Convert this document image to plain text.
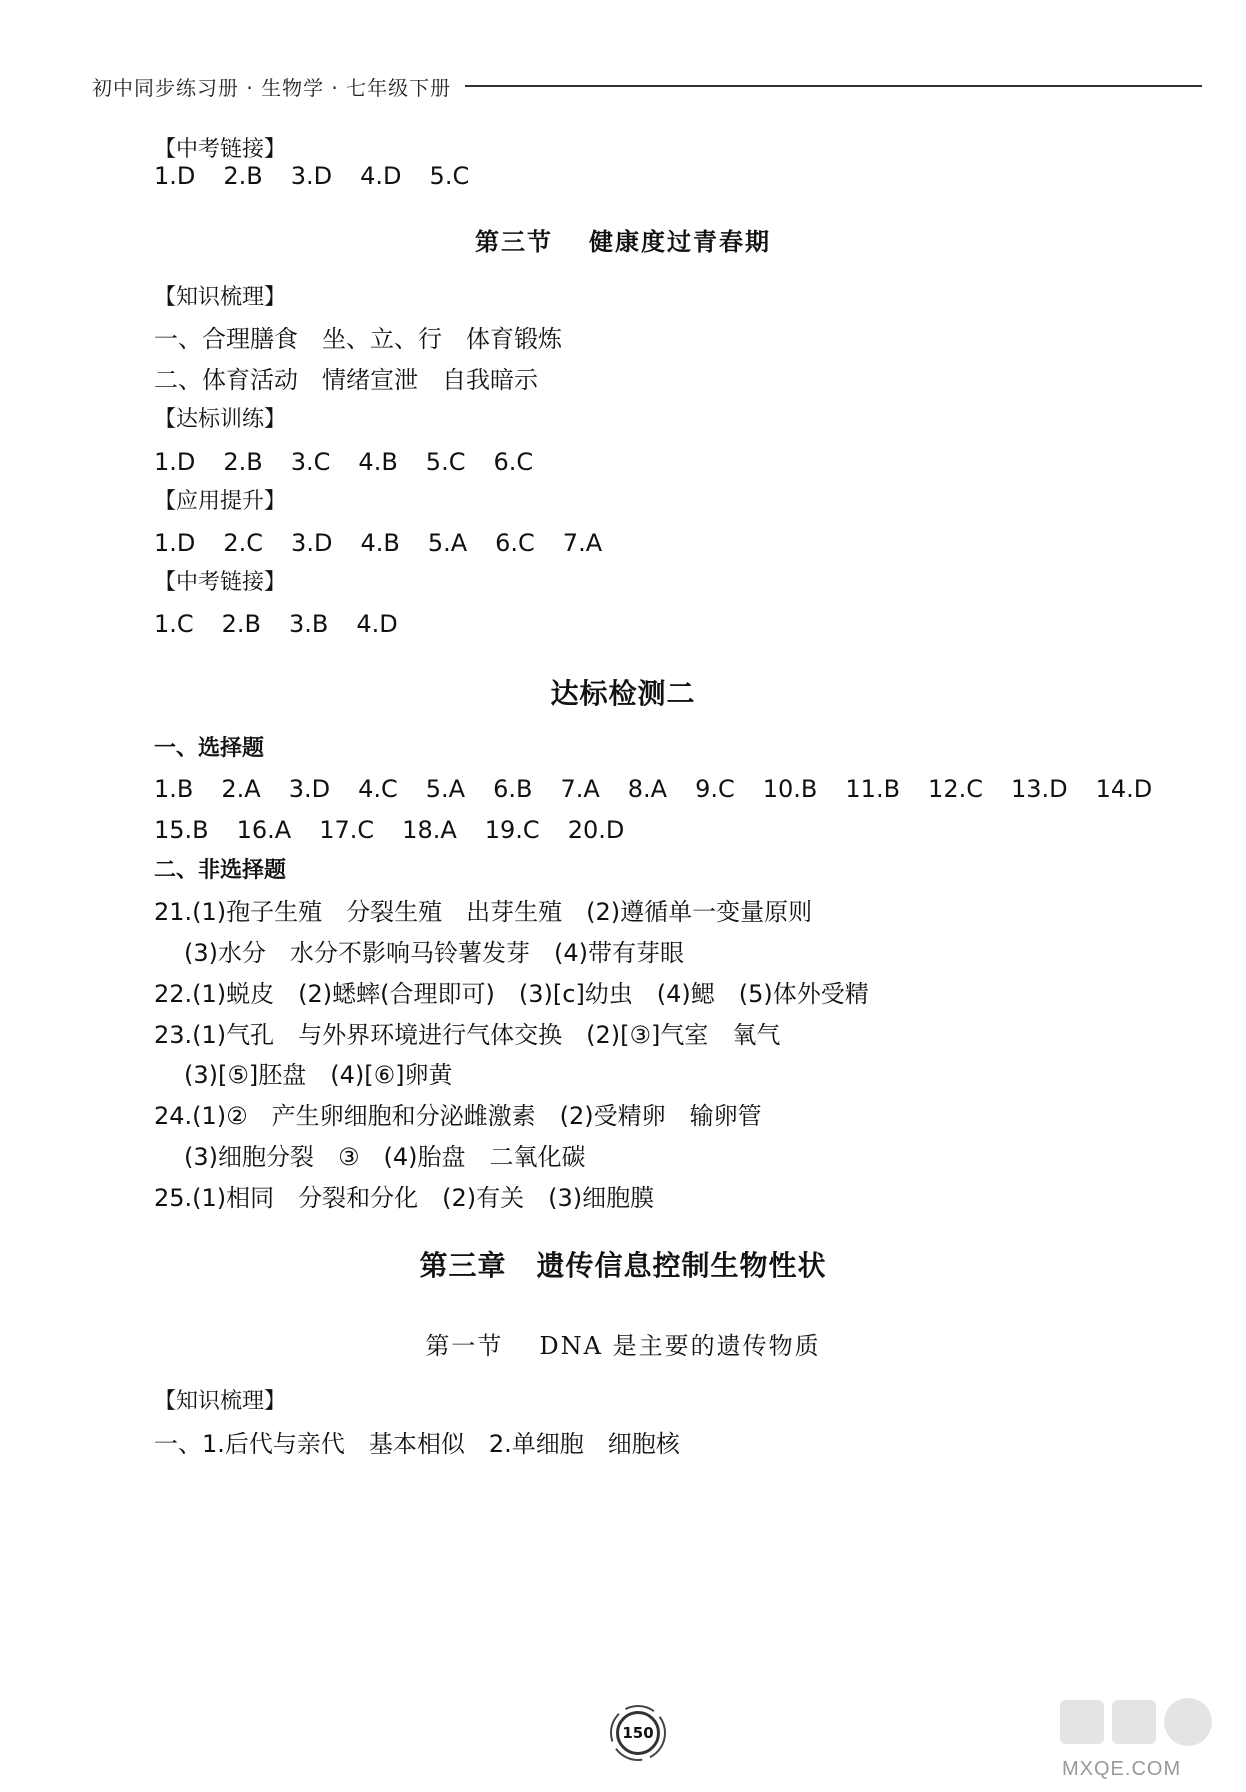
初中同步练习册 · 生物学 · 七年级下册
【中考链接】
1.D 2.B 3.D 4.D 5.C
第三节 健康度过青春期
【知识梳理】
一、合理膳食　坐、立、行　体育锻炼
二、体育活动　情绪宣泄　自我暗示
【达标训练】
1.D 2.B 3.C 4.B 5.C 6.C
【应用提升】
1.D 2.C 3.D 4.B 5.A 6.C 7.A
【中考链接】
1.C 2.B 3.B 4.D
达标检测二
一、选择题
1.B 2.A 3.D 4.C 5.A 6.B 7.A 8.A 9.C 10.B 11.B 12.C 13.D 14.D
15.B 16.A 17.C 18.A 19.C 20.D
二、非选择题
21.(1)孢子生殖　分裂生殖　出芽生殖　(2)遵循单一变量原则
(3)水分　水分不影响马铃薯发芽　(4)带有芽眼
22.(1)蜕皮　(2)蟋蟀(合理即可)　(3)[c]幼虫　(4)鳃　(5)体外受精
23.(1)气孔　与外界环境进行气体交换　(2)[③]气室　氧气
(3)[⑤]胚盘　(4)[⑥]卵黄
24.(1)②　产生卵细胞和分泌雌激素　(2)受精卵　输卵管
(3)细胞分裂　③　(4)胎盘　二氧化碳
25.(1)相同　分裂和分化　(2)有关　(3)细胞膜
第三章 遗传信息控制生物性状
第一节 DNA 是主要的遗传物质
【知识梳理】
一、1.后代与亲代　基本相似　2.单细胞　细胞核
150
MXQE.COM
